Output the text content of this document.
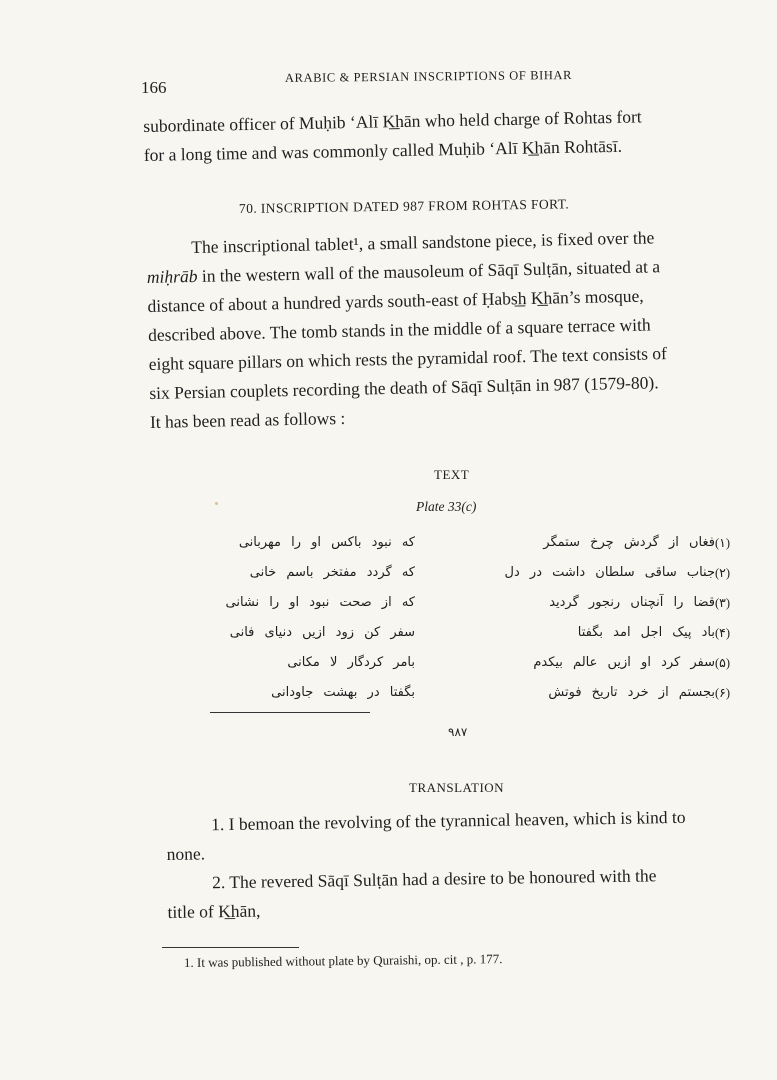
166
ARABIC & PERSIAN INSCRIPTIONS OF BIHAR
subordinate officer of Muḥib ‘Alī K͟hān who held charge of Rohtas fort
for a long time and was commonly called Muḥib ‘Alī K͟hān Rohtāsī.
70. INSCRIPTION DATED 987 FROM ROHTAS FORT.
The inscriptional tablet¹, a small sandstone piece, is fixed over the
miḥrāb in the western wall of the mausoleum of Sāqī Sulṭān, situated at a
distance of about a hundred yards south-east of Ḥabs͟h K͟hān’s mosque,
described above. The tomb stands in the middle of a square terrace with
eight square pillars on which rests the pyramidal roof. The text consists of
six Persian couplets recording the death of Sāqī Sulṭān in 987 (1579-80).
It has been read as follows :
TEXT
Plate 33(c)
که نبود باکس او را مهربانی	فغاں از گردش چرخ ستمگر (۱)
که گردد مفتخر باسم خانی	جناب ساقی سلطان داشت در دل (۲)
که از صحت نبود او را نشانی	قضا را آنچناں رنجور گردید (۳)
سفر کن زود ازیں دنیای فانی	باد پیک اجل امد بگفتا (۴)
بامر کردگار لا مکانی	سفر کرد او ازیں عالم بیکدم (۵)
بگفتا در بهشت جاودانی	بجستم از خرد تاریخ فوتش (۶)
۹۸۷
TRANSLATION
1. I bemoan the revolving of the tyrannical heaven, which is kind to
none.
2. The revered Sāqī Sulṭān had a desire to be honoured with the
title of K͟hān,
1. It was published without plate by Quraishi, op. cit , p. 177.
